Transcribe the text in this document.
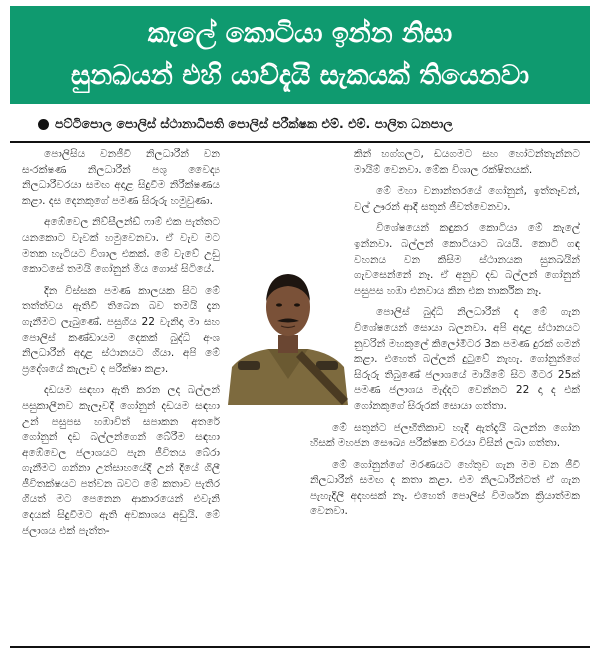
කැලේ කොටියා ඉන්න නිසා
සුනඛයන් එහි යාව්දැයි සැකයක් තියෙනවා
පට්ටිපොල පොලිස් ස්ථානාධිපති පොලිස් පරීක්ෂක එම්. එම්. පාලිත ධනපාල

පොලිසිය වනජීවී නිලධාරීන් වන සංරක්ෂණ නිලධාරීන් පශු වෛද්‍ය නිලධාරීවරයා සමඟ අදාළ සිදුවීම නිරීක්ෂණය කළා. දස දෙනකුගේ පමණ සිරුරු හමුවුණා.

අඹේවෙල නිව්සීලන්ඩ් ෆාම් එක පැත්තට යනකොට වැවක් හමුවෙනවා. ඒ වැව මට මතක හැටියට විශාල එකක්. මේ වැවේ උඩු කොටසේ තමයි ගෝනුන් මිය ගොස් සිටියේ.

දින විස්සක පමණ කාලයක සිට මේ තත්ත්වය ඇතිවී තිබෙන බව තමයි දැන ගැනීමට ලැබුණේ. පසුගිය 22 වැනිදා මා සහ පොලිස් කණ්ඩායම දෙකක් බුද්ධි අංශ නිලධාරීන් අදාළ ස්ථානයට ගියා. අපි මේ ප්‍රදේශයේ කැලෑව ද පරීක්ෂා කළා.

දඩයම සඳහා ඇති කරන ලද බල්ලන් පසුකාලීනව කැලෑවදී ගෝනුන් දඩයම සඳහා උන් පසුපස හඹාවිත් සපාකන අතරේ ගෝනුන් දඩ බල්ලන්ගෙන් බේරීම සඳහා අඹේවෙල ජලාශයට පැන ජීවිතය බේරා ගැනීමට ගන්නා උත්සාහයේදී උන් දියේ ගිලී ජීවිතක්ෂයට පත්වන බවට මේ කතාව පැතිර ගියත් මට පෙනෙන ආකාරයෙන් එවැනි දෙයක් සිදුවීමට ඇති අවකාශය අඩුයි. මේ ජලාශය එක් පැත්ත-

කින් හග්ගලට, ඩයගමට සහ හෝටන්තැන්නට මායිම් වෙනවා. මේක විශාල රක්ෂිතයක්.

මේ මහා වනාන්තරයේ ගෝනුන්, ඉත්තෑවන්, වල් ඌරන් ආදී සතුන් ජීවත්වෙනවා.

විශේෂයෙන් කඳුකර කොටියා මේ කැලේ ඉන්නවා. බල්ලන් කොටියාට බයයි. කොටි ගඳ වහනය වන කිසිම ස්ථානයක සුනඛයින් ගැවසෙන්නේ නෑ. ඒ අනුව දඩ බල්ලන් ගෝනුන් පසුපස හඹා එනවාය කින එක තාර්කික නෑ.

පොලිස් බුද්ධි නිලධාරීන් ද මේ ගැන විශේෂයෙන් සොයා බලනවා. අපි අදාළ ස්ථානයට නුවරින් මහකුලේ කිලෝමීටර 3ක පමණ දුරක් ගමන් කළා. එහෙත් බල්ලන් දුටුවේ නැහැ. ගෝනුන්ගේ සිරුරු තිබුණේ ජලාශයේ මායිමේ සිට මීටර 25ක් පමණ ජලාශය මැද්දට වෙන්නට 22 දා ද එක් ගෝනකුගේ සිරුරක් සොයා ගත්තා.

මේ සතුන්ට ජලභීතිකාව හැදී ඇත්දැයි බලන්න ගෝන හිසක් මහජන සෞඛ්‍ය පරීක්ෂක වරයා විසින් ලබා ගත්තා.

මේ ගෝනුන්ගේ මරණයට හේතුව ගැන මම වන ජීවී නිලධාරීන් සමඟ ද කතා කළා. එම නිලධාරීන්ටත් ඒ ගැන පැහැදිලි අදහසක් නෑ. එහෙත් පොලිස් විමර්ශන ක්‍රියාත්මක වෙනවා.
